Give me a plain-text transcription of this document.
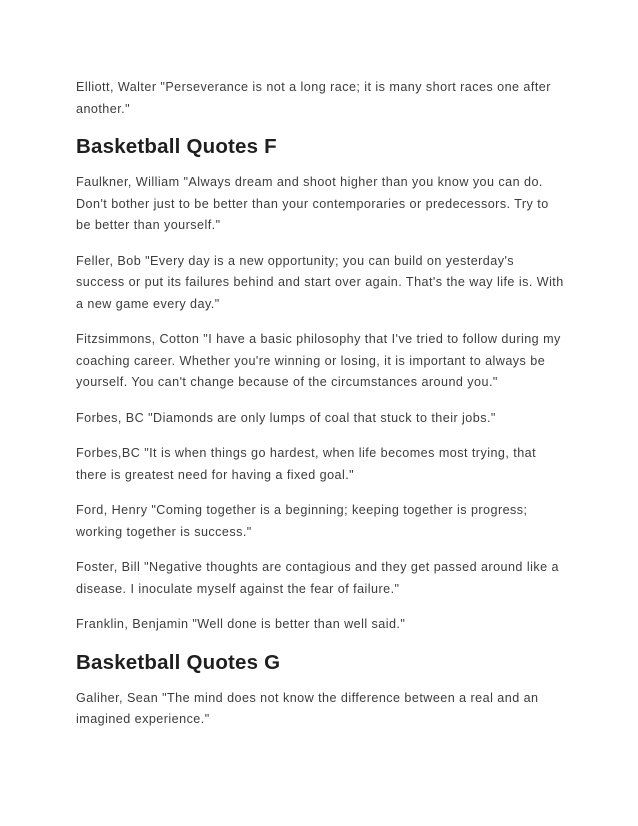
Elliott, Walter "Perseverance is not a long race; it is many short races one after another."

Basketball Quotes F

Faulkner, William "Always dream and shoot higher than you know you can do. Don't bother just to be better than your contemporaries or predecessors. Try to be better than yourself."

Feller, Bob "Every day is a new opportunity; you can build on yesterday's success or put its failures behind and start over again. That's the way life is. With a new game every day."

Fitzsimmons, Cotton "I have a basic philosophy that I've tried to follow during my coaching career. Whether you're winning or losing, it is important to always be yourself. You can't change because of the circumstances around you."

Forbes, BC "Diamonds are only lumps of coal that stuck to their jobs."

Forbes,BC "It is when things go hardest, when life becomes most trying, that there is greatest need for having a fixed goal."

Ford, Henry "Coming together is a beginning; keeping together is progress; working together is success."

Foster, Bill "Negative thoughts are contagious and they get passed around like a disease. I inoculate myself against the fear of failure."

Franklin, Benjamin "Well done is better than well said."

Basketball Quotes G

Galiher, Sean "The mind does not know the difference between a real and an imagined experience."
